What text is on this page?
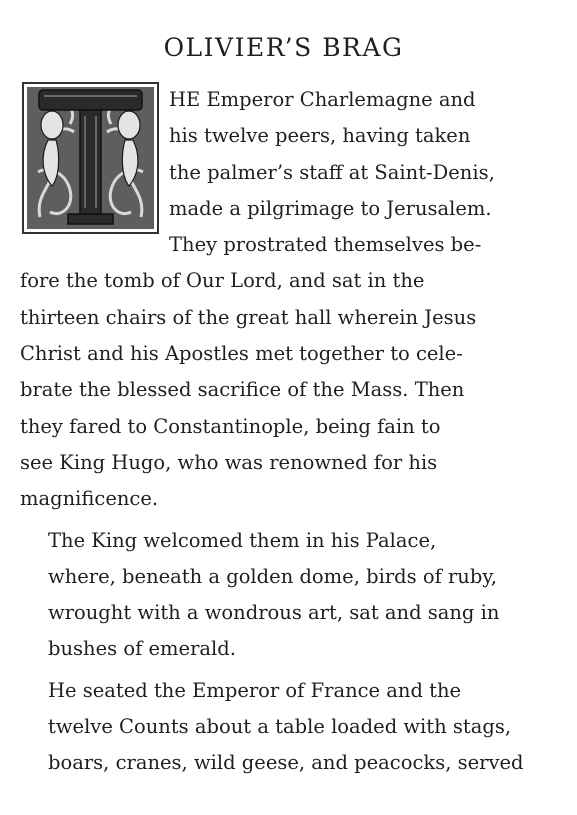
OLIVIER’S BRAG
HE Emperor Charlemagne and
his twelve peers, having taken
the palmer’s staff at Saint-Denis,
made a pilgrimage to Jerusalem.
They prostrated themselves be-
fore the tomb of Our Lord, and sat in the
thirteen chairs of the great hall wherein Jesus
Christ and his Apostles met together to cele-
brate the blessed sacrifice of the Mass. Then
they fared to Constantinople, being fain to
see King Hugo, who was renowned for his
magnificence.
The King welcomed them in his Palace,
where, beneath a golden dome, birds of ruby,
wrought with a wondrous art, sat and sang in
bushes of emerald.
He seated the Emperor of France and the
twelve Counts about a table loaded with stags,
boars, cranes, wild geese, and peacocks, served
